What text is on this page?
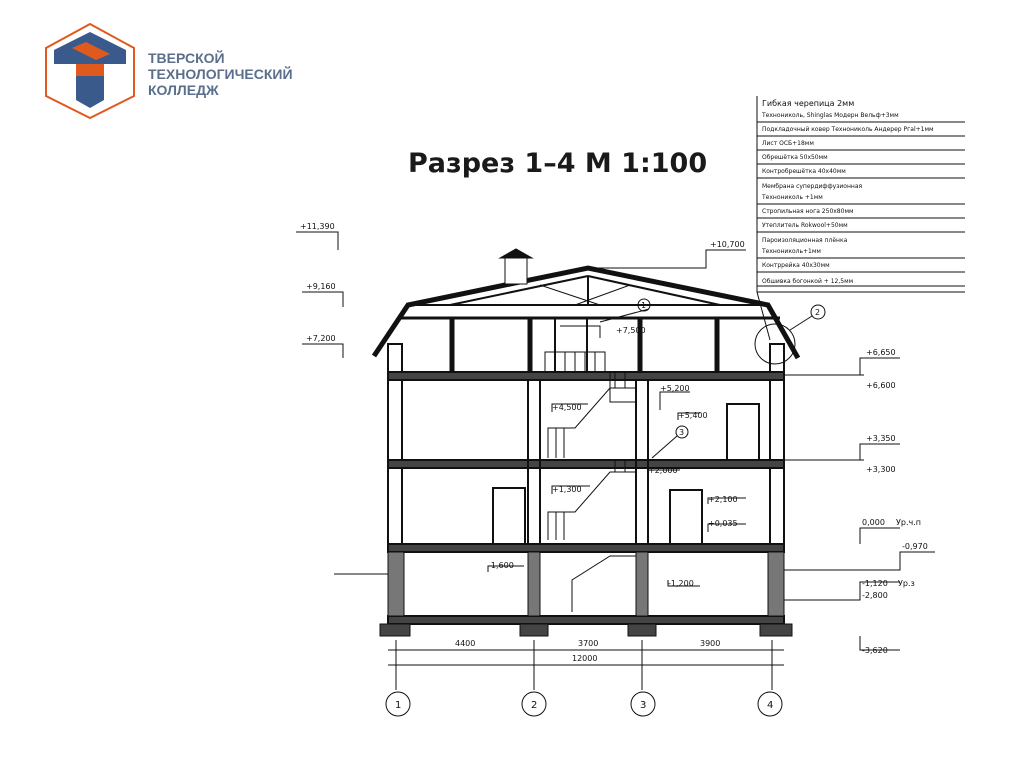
ТВЕРСКОЙ
ТЕХНОЛОГИЧЕСКИЙ
КОЛЛЕДЖ
Разрез 1–4 М 1:100
Гибкая черепица 2мм
Технониколь, Shinglas Модерн Вельф+3мм
Подкладочный ковер Технониколь Андерер Ргаl+1мм
Лист ОСБ+18мм
Обрешётка 50х50мм
Контробрешётка 40х40мм
Мембрана супердиффузионная
Технониколь +1мм
Стропильная нога 250х80мм
Утеплитель Rokwool+50мм
Пароизоляционная плёнка
Технониколь+1мм
Контррейка 40х30мм
Обшивка богонкой + 12,5мм
+11,390
+9,160
+7,200
+10,700
+6,650
+6,600
+3,350
+3,300
0,000 Ур.ч.п
-0,970
-1,120 Ур.з
-2,800
-3,620
+7,500
+5,200
+5,400
+4,500
+2,000
+1,300
+2,100
+0,035
-1,600
-1,200
1
2
3
4400	3700	3900
12000
1	2	3	4
